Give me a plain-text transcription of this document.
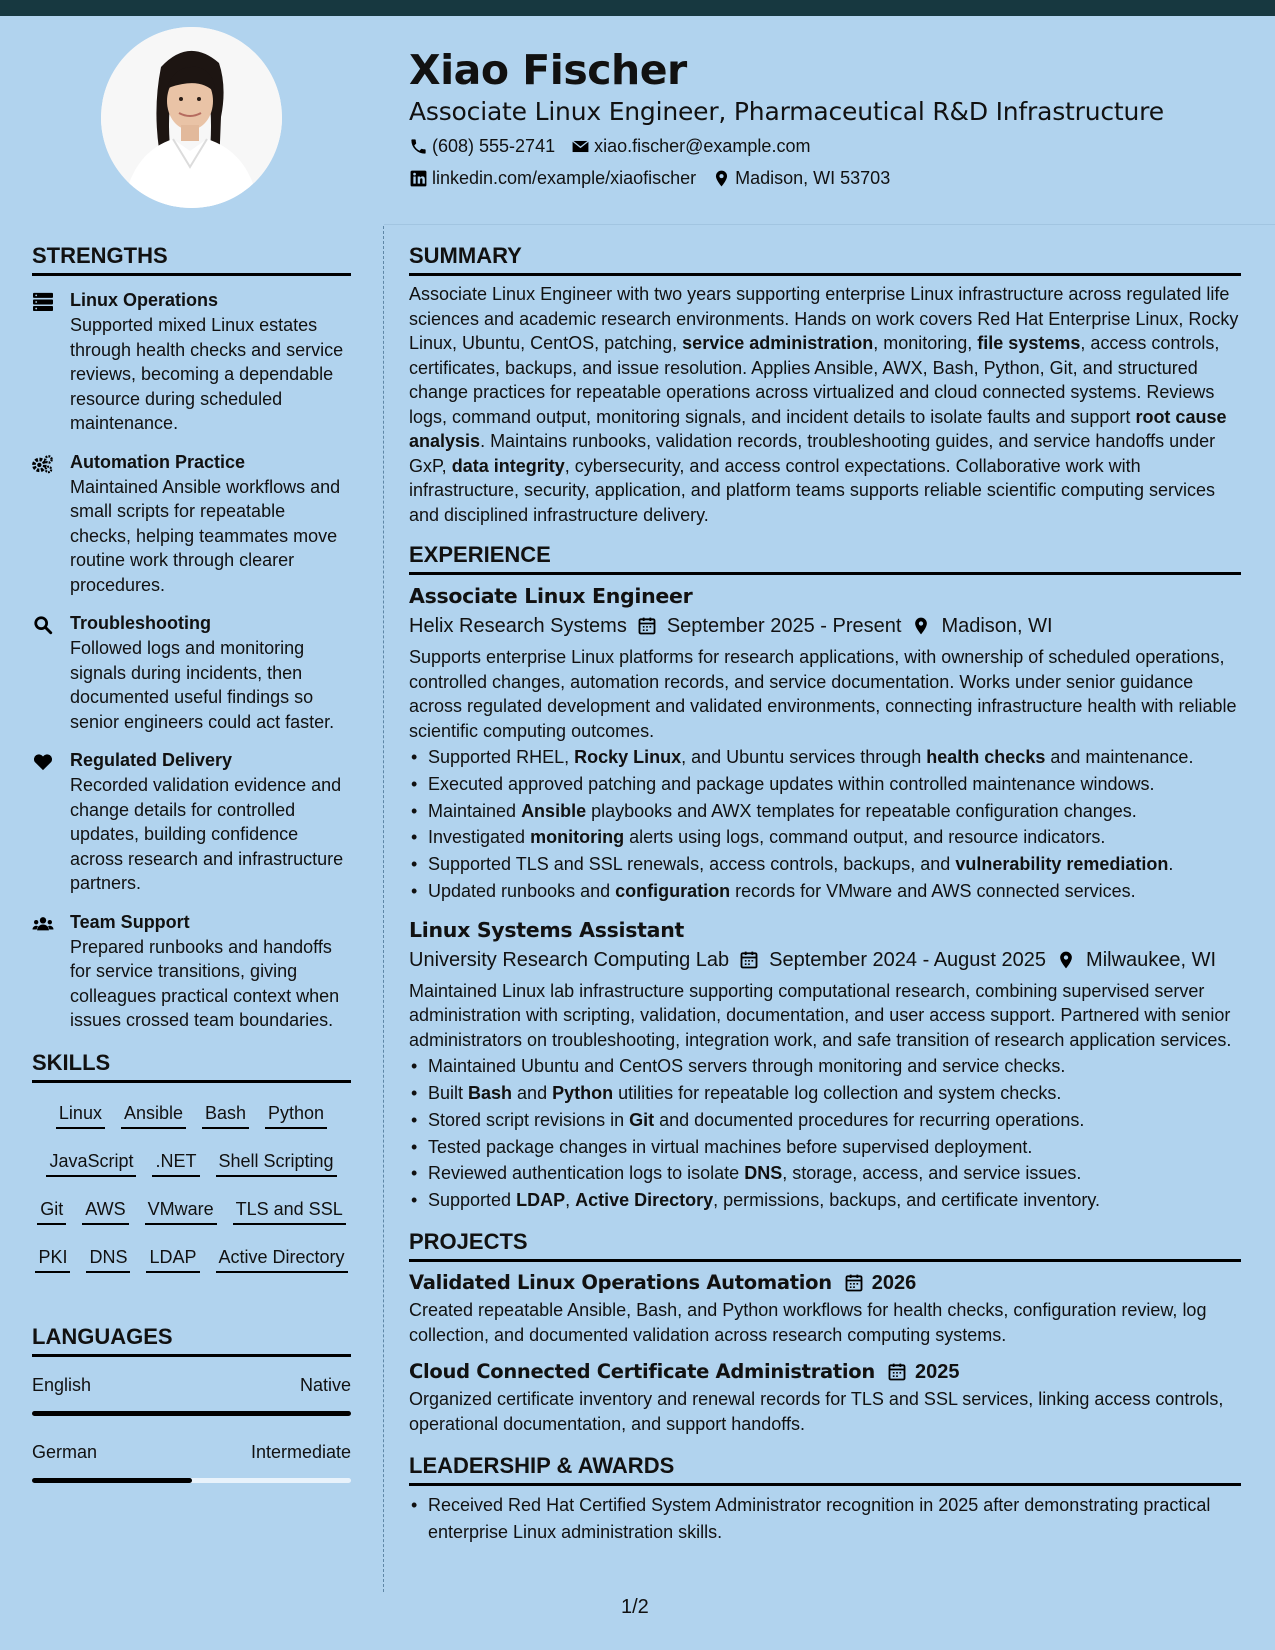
Xiao Fischer
Associate Linux Engineer, Pharmaceutical R&D Infrastructure
(608) 555-2741 xiao.fischer@example.com
linkedin.com/example/xiaofischer Madison, WI 53703
STRENGTHS
Linux Operations
Supported mixed Linux estates through health checks and service reviews, becoming a dependable resource during scheduled maintenance.
Automation Practice
Maintained Ansible workflows and small scripts for repeatable checks, helping teammates move routine work through clearer procedures.
Troubleshooting
Followed logs and monitoring signals during incidents, then documented useful findings so senior engineers could act faster.
Regulated Delivery
Recorded validation evidence and change details for controlled updates, building confidence across research and infrastructure partners.
Team Support
Prepared runbooks and handoffs for service transitions, giving colleagues practical context when issues crossed team boundaries.
SKILLS
Linux Ansible Bash Python
JavaScript .NET Shell Scripting
Git AWS VMware TLS and SSL
PKI DNS LDAP Active Directory
LANGUAGES
English	Native
German	Intermediate
SUMMARY
Associate Linux Engineer with two years supporting enterprise Linux infrastructure across regulated life sciences and academic research environments. Hands on work covers Red Hat Enterprise Linux, Rocky Linux, Ubuntu, CentOS, patching, service administration, monitoring, file systems, access controls, certificates, backups, and issue resolution. Applies Ansible, AWX, Bash, Python, Git, and structured change practices for repeatable operations across virtualized and cloud connected systems. Reviews logs, command output, monitoring signals, and incident details to isolate faults and support root cause analysis. Maintains runbooks, validation records, troubleshooting guides, and service handoffs under GxP, data integrity, cybersecurity, and access control expectations. Collaborative work with infrastructure, security, application, and platform teams supports reliable scientific computing services and disciplined infrastructure delivery.
EXPERIENCE
Associate Linux Engineer
Helix Research Systems September 2025 - Present Madison, WI
Supports enterprise Linux platforms for research applications, with ownership of scheduled operations, controlled changes, automation records, and service documentation. Works under senior guidance across regulated development and validated environments, connecting infrastructure health with reliable scientific computing outcomes.
• Supported RHEL, Rocky Linux, and Ubuntu services through health checks and maintenance.
• Executed approved patching and package updates within controlled maintenance windows.
• Maintained Ansible playbooks and AWX templates for repeatable configuration changes.
• Investigated monitoring alerts using logs, command output, and resource indicators.
• Supported TLS and SSL renewals, access controls, backups, and vulnerability remediation.
• Updated runbooks and configuration records for VMware and AWS connected services.
Linux Systems Assistant
University Research Computing Lab September 2024 - August 2025 Milwaukee, WI
Maintained Linux lab infrastructure supporting computational research, combining supervised server administration with scripting, validation, documentation, and user access support. Partnered with senior administrators on troubleshooting, integration work, and safe transition of research application services.
• Maintained Ubuntu and CentOS servers through monitoring and service checks.
• Built Bash and Python utilities for repeatable log collection and system checks.
• Stored script revisions in Git and documented procedures for recurring operations.
• Tested package changes in virtual machines before supervised deployment.
• Reviewed authentication logs to isolate DNS, storage, access, and service issues.
• Supported LDAP, Active Directory, permissions, backups, and certificate inventory.
PROJECTS
Validated Linux Operations Automation 2026
Created repeatable Ansible, Bash, and Python workflows for health checks, configuration review, log collection, and documented validation across research computing systems.
Cloud Connected Certificate Administration 2025
Organized certificate inventory and renewal records for TLS and SSL services, linking access controls, operational documentation, and support handoffs.
LEADERSHIP & AWARDS
• Received Red Hat Certified System Administrator recognition in 2025 after demonstrating practical enterprise Linux administration skills.
1/2
